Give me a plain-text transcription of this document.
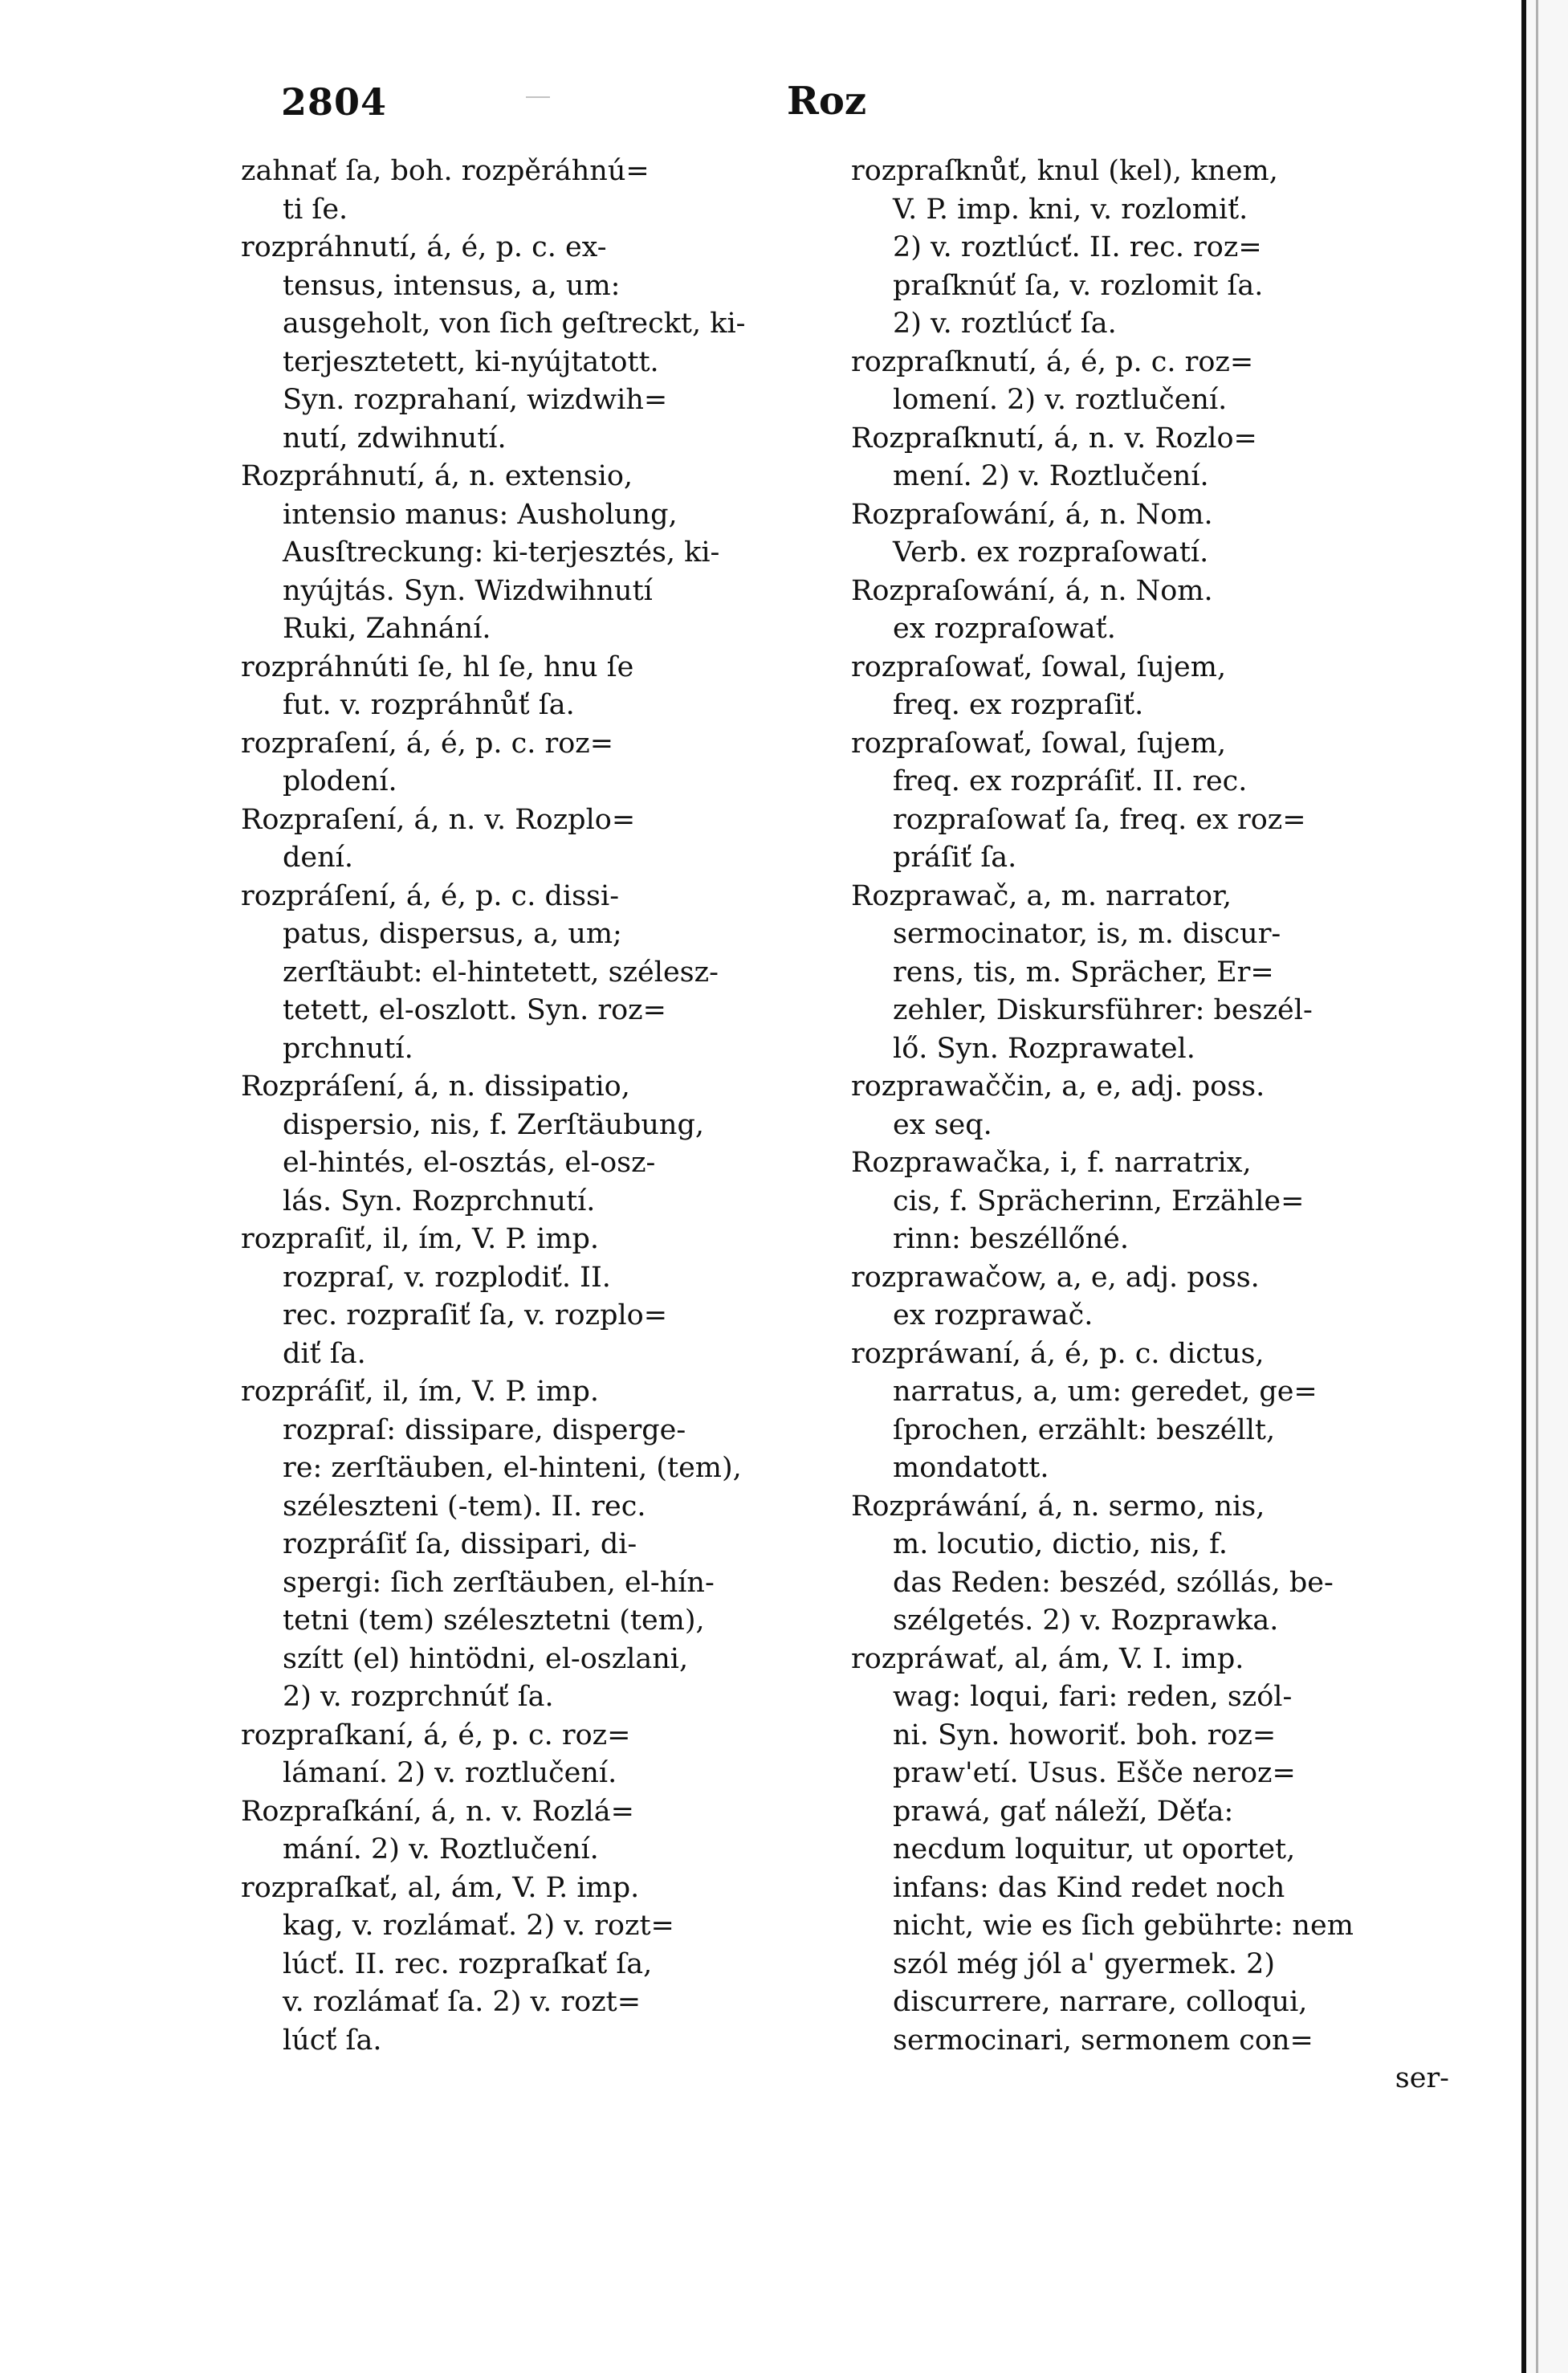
2804	Roz
zahnať ſa, boh. rozpěráhnú=
ti ſe.
rozpráhnutí, á, é, p. c. ex-
tensus, intensus, a, um:
ausgeholt, von ſich geſtreckt, ki-
terjesztetett, ki-nyújtatott.
Syn. rozprahaní, wizdwih=
nutí, zdwihnutí.
Rozpráhnutí, á, n. extensio,
intensio manus: Ausholung,
Ausſtreckung: ki-terjesztés, ki-
nyújtás. Syn. Wizdwihnutí
Ruki, Zahnání.
rozpráhnúti ſe, hl ſe, hnu ſe
fut. v. rozpráhnůť ſa.
rozpraſení, á, é, p. c. roz=
plodení.
Rozpraſení, á, n. v. Rozplo=
dení.
rozpráſení, á, é, p. c. dissi-
patus, dispersus, a, um;
zerſtäubt: el-hintetett, szélesz-
tetett, el-oszlott. Syn. roz=
prchnutí.
Rozpráſení, á, n. dissipatio,
dispersio, nis, f. Zerſtäubung,
el-hintés, el-osztás, el-osz-
lás. Syn. Rozprchnutí.
rozpraſiť, il, ím, V. P. imp.
rozpraſ, v. rozplodiť. II.
rec. rozpraſiť ſa, v. rozplo=
diť ſa.
rozpráſiť, il, ím, V. P. imp.
rozpraſ: dissipare, disperge-
re: zerſtäuben, el-hinteni, (tem),
széleszteni (-tem). II. rec.
rozpráſiť ſa, dissipari, di-
spergi: ſich zerſtäuben, el-hín-
tetni (tem) szélesztetni (tem),
szítt (el) hintödni, el-oszlani,
2) v. rozprchnúť ſa.
rozpraſkaní, á, é, p. c. roz=
lámaní. 2) v. roztlučení.
Rozpraſkání, á, n. v. Rozlá=
mání. 2) v. Roztlučení.
rozpraſkať, al, ám, V. P. imp.
kag, v. rozlámať. 2) v. rozt=
lúcť. II. rec. rozpraſkať ſa,
v. rozlámať ſa. 2) v. rozt=
lúcť ſa.
rozpraſknůť, knul (kel), knem,
V. P. imp. kni, v. rozlomiť.
2) v. roztlúcť. II. rec. roz=
praſknúť ſa, v. rozlomit ſa.
2) v. roztlúcť ſa.
rozpraſknutí, á, é, p. c. roz=
lomení. 2) v. roztlučení.
Rozpraſknutí, á, n. v. Rozlo=
mení. 2) v. Roztlučení.
Rozpraſowání, á, n. Nom.
Verb. ex rozpraſowatí.
Rozpraſowání, á, n. Nom.
ex rozpraſowať.
rozpraſowať, ſowal, ſujem,
freq. ex rozpraſiť.
rozpraſowať, ſowal, ſujem,
freq. ex rozpráſiť. II. rec.
rozpraſowať ſa, freq. ex roz=
práſiť ſa.
Rozprawač, a, m. narrator,
sermocinator, is, m. discur-
rens, tis, m. Sprächer, Er=
zehler, Diskursführer: beszél-
lő. Syn. Rozprawatel.
rozprawaččin, a, e, adj. poss.
ex seq.
Rozprawačka, i, f. narratrix,
cis, f. Sprächerinn, Erzähle=
rinn: beszéllőné.
rozprawačow, a, e, adj. poss.
ex rozprawač.
rozpráwaní, á, é, p. c. dictus,
narratus, a, um: geredet, ge=
ſprochen, erzählt: beszéllt,
mondatott.
Rozpráwání, á, n. sermo, nis,
m. locutio, dictio, nis, f.
das Reden: beszéd, szóllás, be-
szélgetés. 2) v. Rozprawka.
rozpráwať, al, ám, V. I. imp.
wag: loqui, fari: reden, szól-
ni. Syn. howoriť. boh. roz=
praw'etí. Usus. Ešče neroz=
prawá, gať náleží, Děťa:
necdum loquitur, ut oportet,
infans: das Kind redet noch
nicht, wie es ſich gebührte: nem
szól még jól a' gyermek. 2)
discurrere, narrare, colloqui,
sermocinari, sermonem con=
ser-
